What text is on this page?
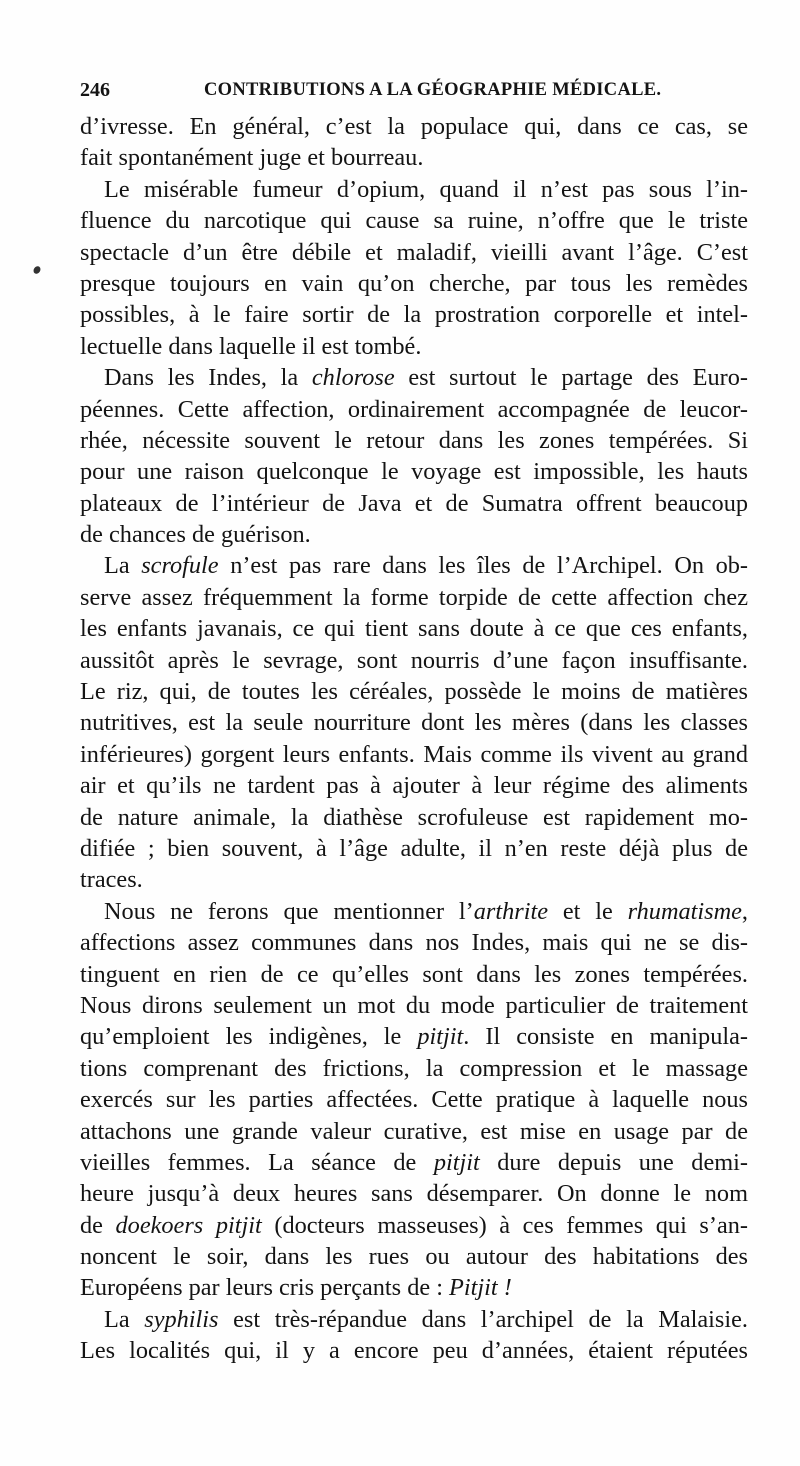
246	CONTRIBUTIONS A LA GÉOGRAPHIE MÉDICALE.
d’ivresse. En général, c’est la populace qui, dans ce cas, se
fait spontanément juge et bourreau.
Le misérable fumeur d’opium, quand il n’est pas sous l’in-
fluence du narcotique qui cause sa ruine, n’offre que le triste
spectacle d’un être débile et maladif, vieilli avant l’âge. C’est
presque toujours en vain qu’on cherche, par tous les remèdes
possibles, à le faire sortir de la prostration corporelle et intel-
lectuelle dans laquelle il est tombé.
Dans les Indes, la chlorose est surtout le partage des Euro-
péennes. Cette affection, ordinairement accompagnée de leucor-
rhée, nécessite souvent le retour dans les zones tempérées. Si
pour une raison quelconque le voyage est impossible, les hauts
plateaux de l’intérieur de Java et de Sumatra offrent beaucoup
de chances de guérison.
La scrofule n’est pas rare dans les îles de l’Archipel. On ob-
serve assez fréquemment la forme torpide de cette affection chez
les enfants javanais, ce qui tient sans doute à ce que ces enfants,
aussitôt après le sevrage, sont nourris d’une façon insuffisante.
Le riz, qui, de toutes les céréales, possède le moins de matières
nutritives, est la seule nourriture dont les mères (dans les classes
inférieures) gorgent leurs enfants. Mais comme ils vivent au grand
air et qu’ils ne tardent pas à ajouter à leur régime des aliments
de nature animale, la diathèse scrofuleuse est rapidement mo-
difiée ; bien souvent, à l’âge adulte, il n’en reste déjà plus de
traces.
Nous ne ferons que mentionner l’arthrite et le rhumatisme,
affections assez communes dans nos Indes, mais qui ne se dis-
tinguent en rien de ce qu’elles sont dans les zones tempérées.
Nous dirons seulement un mot du mode particulier de traitement
qu’emploient les indigènes, le pitjit. Il consiste en manipula-
tions comprenant des frictions, la compression et le massage
exercés sur les parties affectées. Cette pratique à laquelle nous
attachons une grande valeur curative, est mise en usage par de
vieilles femmes. La séance de pitjit dure depuis une demi-
heure jusqu’à deux heures sans désemparer. On donne le nom
de doekoers pitjit (docteurs masseuses) à ces femmes qui s’an-
noncent le soir, dans les rues ou autour des habitations des
Européens par leurs cris perçants de : Pitjit !
La syphilis est très-répandue dans l’archipel de la Malaisie.
Les localités qui, il y a encore peu d’années, étaient réputées
